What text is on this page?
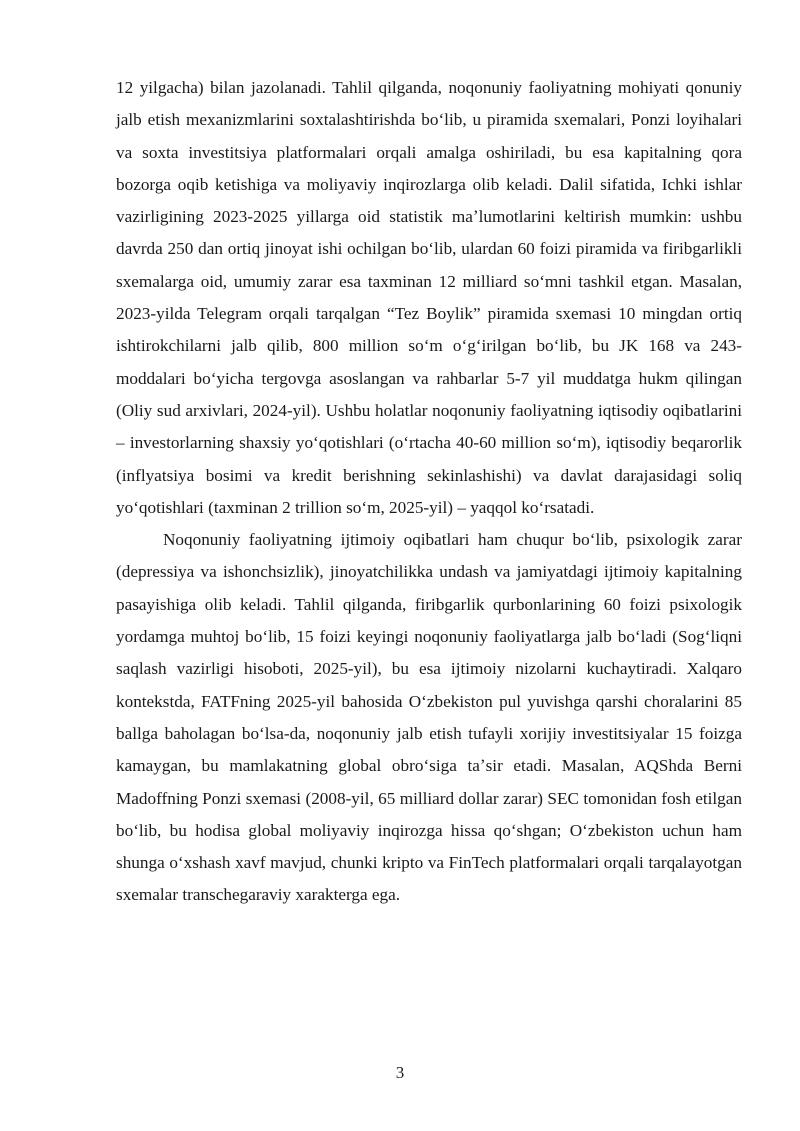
12 yilgacha) bilan jazolanadi. Tahlil qilganda, noqonuniy faoliyatning mohiyati qonuniy jalb etish mexanizmlarini soxtalashtirishda boʻlib, u piramida sxemalari, Ponzi loyihalari va soxta investitsiya platformalari orqali amalga oshiriladi, bu esa kapitalning qora bozorga oqib ketishiga va moliyaviy inqirozlarga olib keladi. Dalil sifatida, Ichki ishlar vazirligining 2023-2025 yillarga oid statistik maʼlumotlarini keltirish mumkin: ushbu davrda 250 dan ortiq jinoyat ishi ochilgan boʻlib, ulardan 60 foizi piramida va firibgarlikli sxemalarga oid, umumiy zarar esa taxminan 12 milliard soʻmni tashkil etgan. Masalan, 2023-yilda Telegram orqali tarqalgan “Tez Boylik” piramida sxemasi 10 mingdan ortiq ishtirokchilarni jalb qilib, 800 million soʻm oʻgʻirilgan boʻlib, bu JK 168 va 243-moddalari boʻyicha tergovga asoslangan va rahbarlar 5-7 yil muddatga hukm qilingan (Oliy sud arxivlari, 2024-yil). Ushbu holatlar noqonuniy faoliyatning iqtisodiy oqibatlarini – investorlarning shaxsiy yoʻqotishlari (oʻrtacha 40-60 million soʻm), iqtisodiy beqarorlik (inflyatsiya bosimi va kredit berishning sekinlashishi) va davlat darajasidagi soliq yoʻqotishlari (taxminan 2 trillion soʻm, 2025-yil) – yaqqol koʻrsatadi.

Noqonuniy faoliyatning ijtimoiy oqibatlari ham chuqur boʻlib, psixologik zarar (depressiya va ishonchsizlik), jinoyatchilikka undash va jamiyatdagi ijtimoiy kapitalning pasayishiga olib keladi. Tahlil qilganda, firibgarlik qurbonlarining 60 foizi psixologik yordamga muhtoj boʻlib, 15 foizi keyingi noqonuniy faoliyatlarga jalb boʻladi (Sogʻliqni saqlash vazirligi hisoboti, 2025-yil), bu esa ijtimoiy nizolarni kuchaytiradi. Xalqaro kontekstda, FATFning 2025-yil bahosida Oʻzbekiston pul yuvishga qarshi choralarini 85 ballga baholagan boʻlsa-da, noqonuniy jalb etish tufayli xorijiy investitsiyalar 15 foizga kamaygan, bu mamlakatning global obroʻsiga taʼsir etadi. Masalan, AQShda Berni Madoffning Ponzi sxemasi (2008-yil, 65 milliard dollar zarar) SEC tomonidan fosh etilgan boʻlib, bu hodisa global moliyaviy inqirozga hissa qoʻshgan; Oʻzbekiston uchun ham shunga oʻxshash xavf mavjud, chunki kripto va FinTech platformalari orqali tarqalayotgan sxemalar transchegaraviy xarakterga ega.

3
